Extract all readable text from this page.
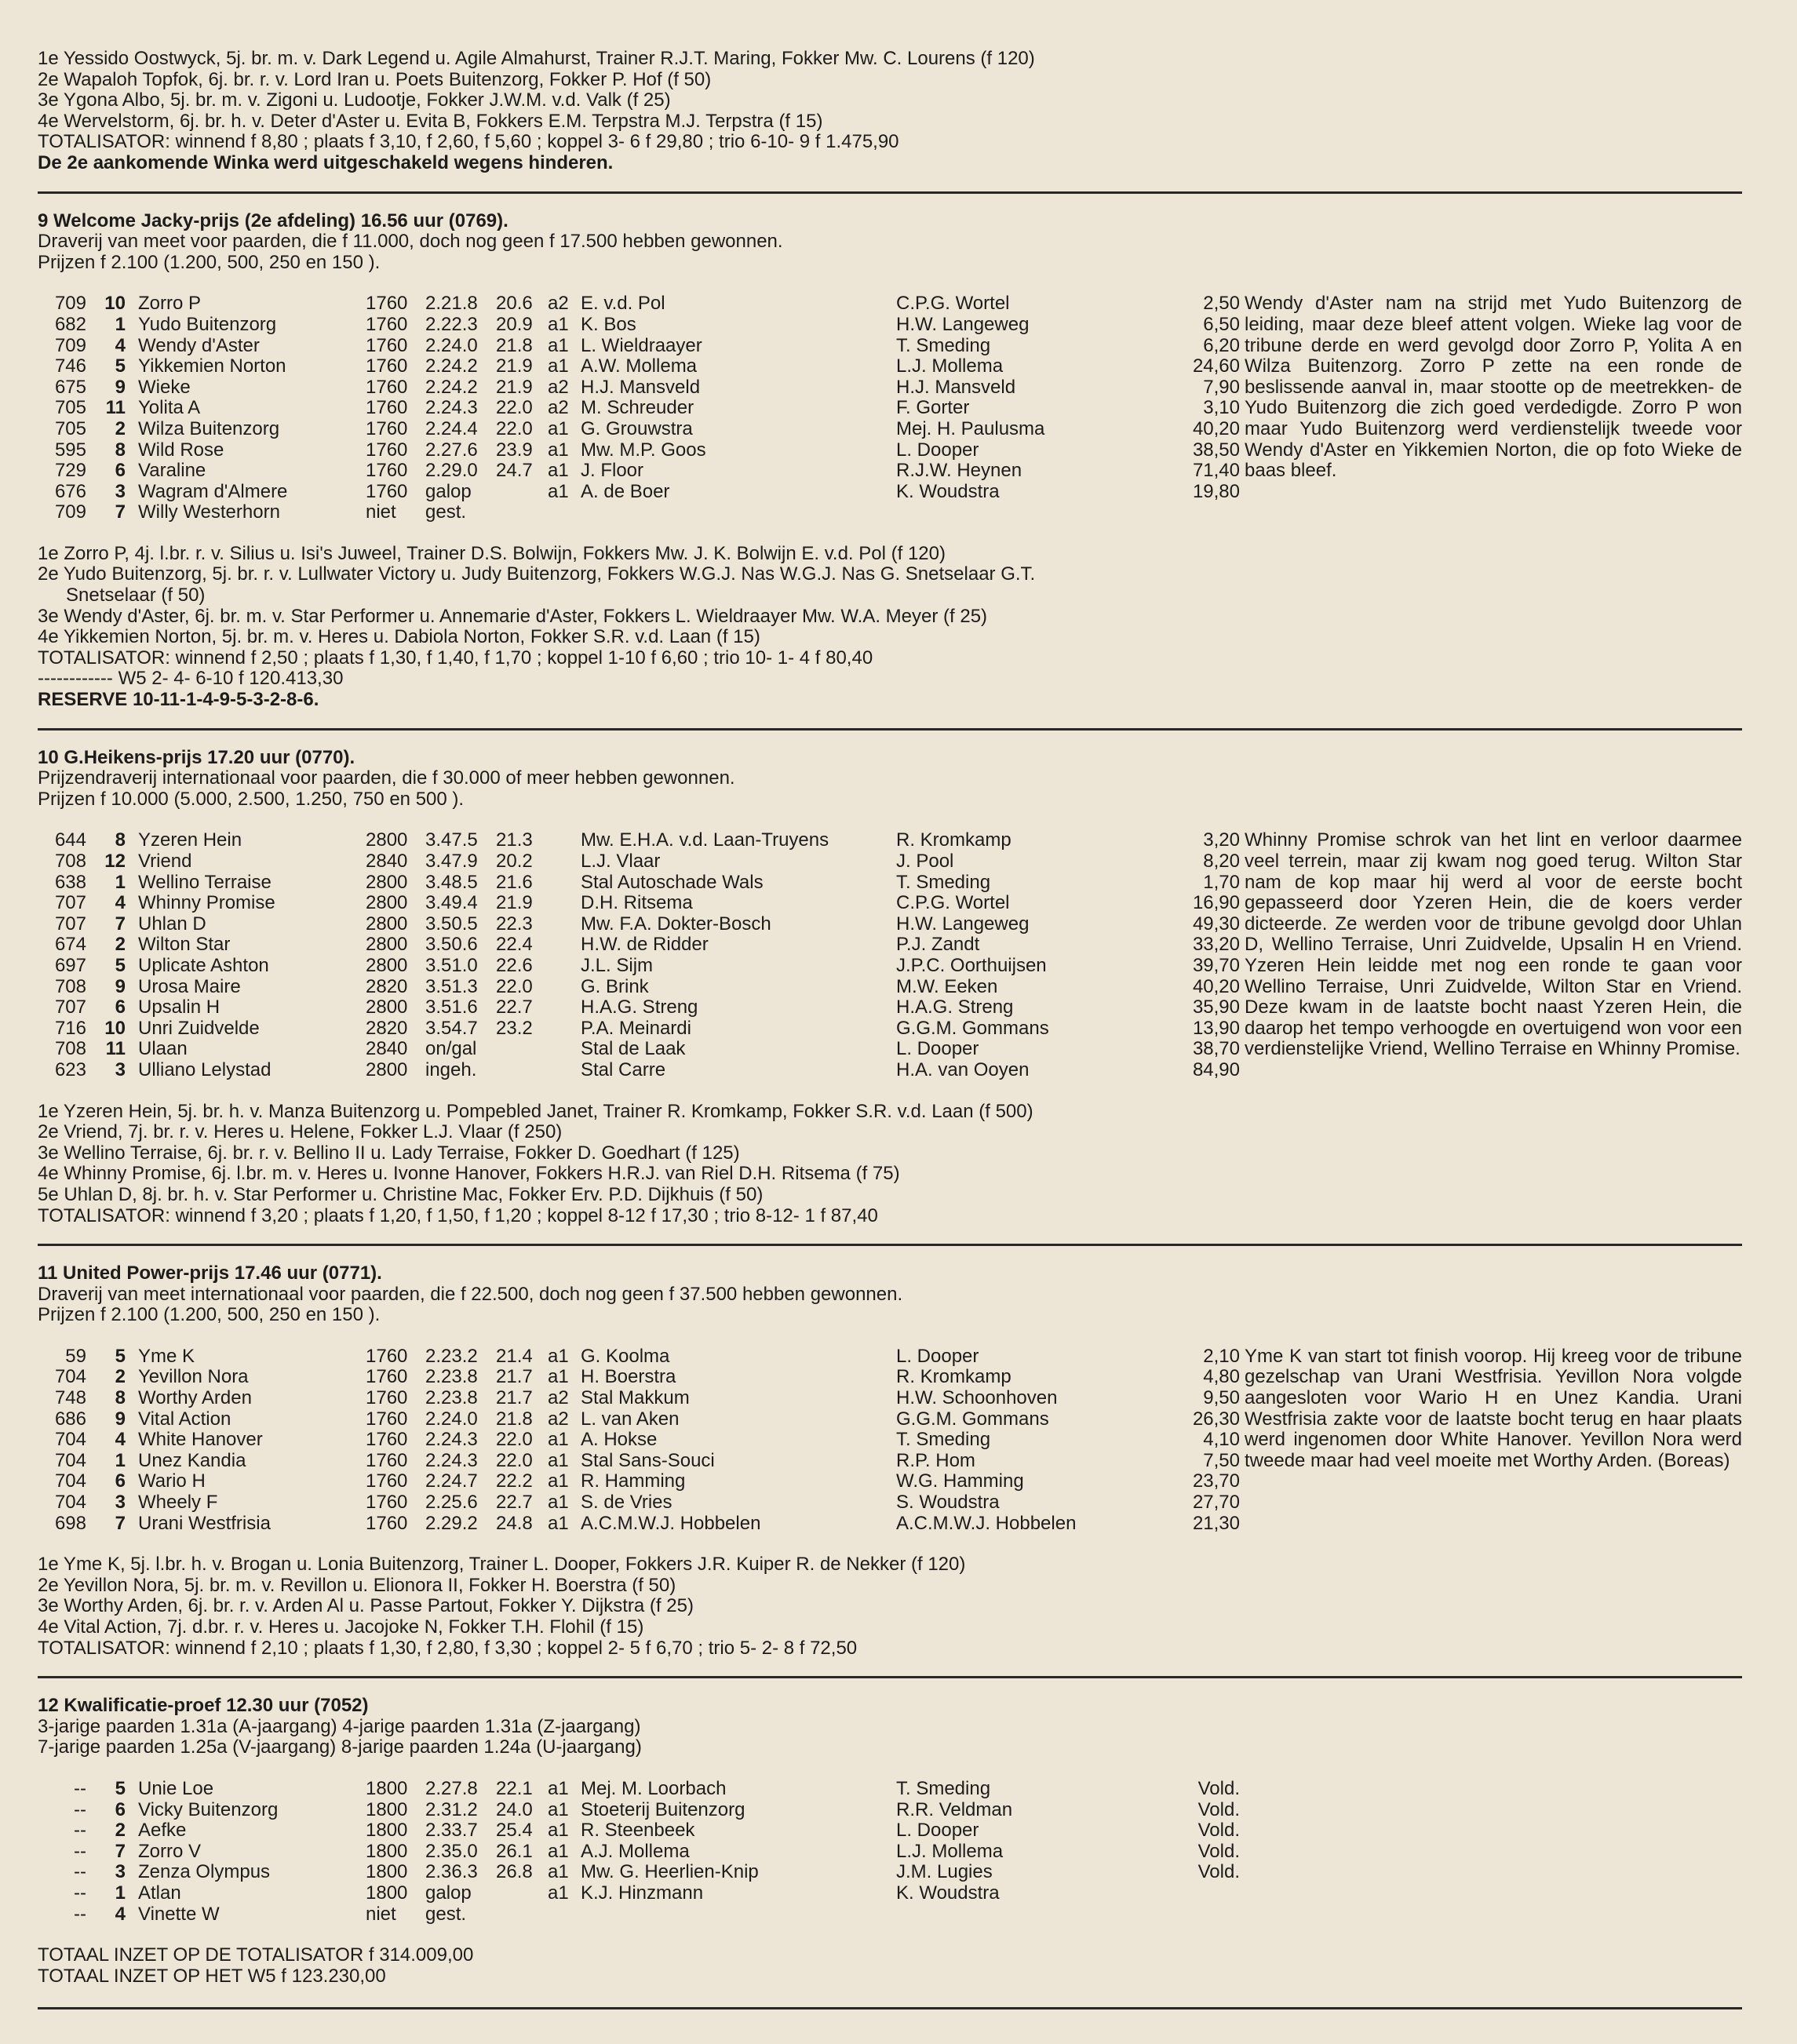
1e Yessido Oostwyck, 5j. br. m. v. Dark Legend u. Agile Almahurst, Trainer R.J.T. Maring, Fokker Mw. C. Lourens (f 120)
2e Wapaloh Topfok, 6j. br. r. v. Lord Iran u. Poets Buitenzorg, Fokker P. Hof (f 50)
3e Ygona Albo, 5j. br. m. v. Zigoni u. Ludootje, Fokker J.W.M. v.d. Valk (f 25)
4e Wervelstorm, 6j. br. h. v. Deter d'Aster u. Evita B, Fokkers E.M. Terpstra M.J. Terpstra (f 15)
TOTALISATOR: winnend f 8,80 ; plaats f 3,10, f 2,60, f 5,60 ; koppel 3- 6 f 29,80 ; trio 6-10- 9 f 1.475,90
De 2e aankomende Winka werd uitgeschakeld wegens hinderen.
9 Welcome Jacky-prijs (2e afdeling) 16.56 uur (0769).
Draverij van meet voor paarden, die f 11.000, doch nog geen f 17.500 hebben gewonnen.
Prijzen f 2.100 (1.200, 500, 250 en 150 ).
709 10 Zorro P	1760 2.21.8 20.6 a2 E. v.d. Pol	C.P.G. Wortel	2,50
682	1 Yudo Buitenzorg	1760 2.22.3 20.9 a1 K. Bos	H.W. Langeweg	6,50
709	4 Wendy d'Aster	1760 2.24.0 21.8 a1 L. Wieldraayer	T. Smeding	6,20
746	5 Yikkemien Norton	1760 2.24.2 21.9 a1 A.W. Mollema	L.J. Mollema	24,60
675	9 Wieke	1760 2.24.2 21.9 a2 H.J. Mansveld	H.J. Mansveld	7,90
705	11 Yolita A	1760 2.24.3 22.0 a2 M. Schreuder	F. Gorter	3,10
705	2 Wilza Buitenzorg	1760 2.24.4 22.0 a1 G. Grouwstra	Mej. H. Paulusma	40,20
595	8 Wild Rose	1760 2.27.6 23.9 a1 Mw. M.P. Goos	L. Dooper	38,50
729	6 Varaline	1760 2.29.0 24.7 a1 J. Floor	R.J.W. Heynen	71,40
676	3 Wagram d'Almere	1760 galop	a1 A. de Boer	K. Woudstra	19,80
709	7 Willy Westerhorn	niet gest.
Wendy d'Aster nam na strijd met Yudo Buitenzorg de leiding, maar deze bleef attent volgen. Wieke lag voor de tribune derde en werd gevolgd door Zorro P, Yolita A en Wilza Buitenzorg. Zorro P zette na een ronde de beslissende aanval in, maar stootte op de meetrekken- de Yudo Buitenzorg die zich goed verdedigde. Zorro P won maar Yudo Buitenzorg werd verdienstelijk tweede voor Wendy d'Aster en Yikkemien Norton, die op foto Wieke de baas bleef.
1e Zorro P, 4j. l.br. r. v. Silius u. Isi's Juweel, Trainer D.S. Bolwijn, Fokkers Mw. J. K. Bolwijn E. v.d. Pol (f 120)
2e Yudo Buitenzorg, 5j. br. r. v. Lullwater Victory u. Judy Buitenzorg, Fokkers W.G.J. Nas W.G.J. Nas G. Snetselaar G.T.
Snetselaar (f 50)
3e Wendy d'Aster, 6j. br. m. v. Star Performer u. Annemarie d'Aster, Fokkers L. Wieldraayer Mw. W.A. Meyer (f 25)
4e Yikkemien Norton, 5j. br. m. v. Heres u. Dabiola Norton, Fokker S.R. v.d. Laan (f 15)
TOTALISATOR: winnend f 2,50 ; plaats f 1,30, f 1,40, f 1,70 ; koppel 1-10 f 6,60 ; trio 10- 1- 4 f 80,40
------------ W5 2- 4- 6-10 f 120.413,30
RESERVE 10-11-1-4-9-5-3-2-8-6.
10 G.Heikens-prijs 17.20 uur (0770).
Prijzendraverij internationaal voor paarden, die f 30.000 of meer hebben gewonnen.
Prijzen f 10.000 (5.000, 2.500, 1.250, 750 en 500 ).
644	8 Yzeren Hein	2800 3.47.5 21.3	Mw. E.H.A. v.d. Laan-Truyens	R. Kromkamp	3,20
708 12 Vriend	2840 3.47.9 20.2	L.J. Vlaar	J. Pool	8,20
638	1 Wellino Terraise	2800 3.48.5 21.6	Stal Autoschade Wals	T. Smeding	1,70
707	4 Whinny Promise	2800 3.49.4 21.9	D.H. Ritsema	C.P.G. Wortel	16,90
707	7 Uhlan D	2800 3.50.5 22.3	Mw. F.A. Dokter-Bosch	H.W. Langeweg	49,30
674	2 Wilton Star	2800 3.50.6 22.4	H.W. de Ridder	P.J. Zandt	33,20
697	5 Uplicate Ashton	2800 3.51.0 22.6	J.L. Sijm	J.P.C. Oorthuijsen	39,70
708	9 Urosa Maire	2820 3.51.3 22.0	G. Brink	M.W. Eeken	40,20
707	6 Upsalin H	2800 3.51.6 22.7	H.A.G. Streng	H.A.G. Streng	35,90
716 10 Unri Zuidvelde	2820 3.54.7 23.2	P.A. Meinardi	G.G.M. Gommans	13,90
708	11 Ulaan	2840 on/gal	Stal de Laak	L. Dooper	38,70
623	3 Ulliano Lelystad	2800 ingeh.	Stal Carre	H.A. van Ooyen	84,90
Whinny Promise schrok van het lint en verloor daarmee veel terrein, maar zij kwam nog goed terug. Wilton Star nam de kop maar hij werd al voor de eerste bocht gepasseerd door Yzeren Hein, die de koers verder dicteerde. Ze werden voor de tribune gevolgd door Uhlan D, Wellino Terraise, Unri Zuidvelde, Upsalin H en Vriend. Yzeren Hein leidde met nog een ronde te gaan voor Wellino Terraise, Unri Zuidvelde, Wilton Star en Vriend. Deze kwam in de laatste bocht naast Yzeren Hein, die daarop het tempo verhoogde en overtuigend won voor een verdienstelijke Vriend, Wellino Terraise en Whinny Promise.
1e Yzeren Hein, 5j. br. h. v. Manza Buitenzorg u. Pompebled Janet, Trainer R. Kromkamp, Fokker S.R. v.d. Laan (f 500)
2e Vriend, 7j. br. r. v. Heres u. Helene, Fokker L.J. Vlaar (f 250)
3e Wellino Terraise, 6j. br. r. v. Bellino II u. Lady Terraise, Fokker D. Goedhart (f 125)
4e Whinny Promise, 6j. l.br. m. v. Heres u. Ivonne Hanover, Fokkers H.R.J. van Riel D.H. Ritsema (f 75)
5e Uhlan D, 8j. br. h. v. Star Performer u. Christine Mac, Fokker Erv. P.D. Dijkhuis (f 50)
TOTALISATOR: winnend f 3,20 ; plaats f 1,20, f 1,50, f 1,20 ; koppel 8-12 f 17,30 ; trio 8-12- 1 f 87,40
11 United Power-prijs 17.46 uur (0771).
Draverij van meet internationaal voor paarden, die f 22.500, doch nog geen f 37.500 hebben gewonnen.
Prijzen f 2.100 (1.200, 500, 250 en 150 ).
59	5 Yme K	1760 2.23.2 21.4 a1 G. Koolma	L. Dooper	2,10
704	2 Yevillon Nora	1760 2.23.8 21.7 a1 H. Boerstra	R. Kromkamp	4,80
748	8 Worthy Arden	1760 2.23.8 21.7 a2 Stal Makkum	H.W. Schoonhoven	9,50
686	9 Vital Action	1760 2.24.0 21.8 a2 L. van Aken	G.G.M. Gommans	26,30
704	4 White Hanover	1760 2.24.3 22.0 a1 A. Hokse	T. Smeding	4,10
704	1 Unez Kandia	1760 2.24.3 22.0 a1 Stal Sans-Souci	R.P. Hom	7,50
704	6 Wario H	1760 2.24.7 22.2 a1 R. Hamming	W.G. Hamming	23,70
704	3 Wheely F	1760 2.25.6 22.7 a1 S. de Vries	S. Woudstra	27,70
698	7 Urani Westfrisia	1760 2.29.2 24.8 a1 A.C.M.W.J. Hobbelen	A.C.M.W.J. Hobbelen	21,30
Yme K van start tot finish voorop. Hij kreeg voor de tribune gezelschap van Urani Westfrisia. Yevillon Nora volgde aangesloten voor Wario H en Unez Kandia. Urani Westfrisia zakte voor de laatste bocht terug en haar plaats werd ingenomen door White Hanover. Yevillon Nora werd tweede maar had veel moeite met Worthy Arden. (Boreas)
1e Yme K, 5j. l.br. h. v. Brogan u. Lonia Buitenzorg, Trainer L. Dooper, Fokkers J.R. Kuiper R. de Nekker (f 120)
2e Yevillon Nora, 5j. br. m. v. Revillon u. Elionora II, Fokker H. Boerstra (f 50)
3e Worthy Arden, 6j. br. r. v. Arden Al u. Passe Partout, Fokker Y. Dijkstra (f 25)
4e Vital Action, 7j. d.br. r. v. Heres u. Jacojoke N, Fokker T.H. Flohil (f 15)
TOTALISATOR: winnend f 2,10 ; plaats f 1,30, f 2,80, f 3,30 ; koppel 2- 5 f 6,70 ; trio 5- 2- 8 f 72,50
12 Kwalificatie-proef 12.30 uur (7052)
3-jarige paarden 1.31a (A-jaargang) 4-jarige paarden 1.31a (Z-jaargang)
7-jarige paarden 1.25a (V-jaargang) 8-jarige paarden 1.24a (U-jaargang)
--	5 Unie Loe	1800 2.27.8 22.1 a1 Mej. M. Loorbach	T. Smeding	Vold.
--	6 Vicky Buitenzorg	1800 2.31.2 24.0 a1 Stoeterij Buitenzorg	R.R. Veldman	Vold.
--	2 Aefke	1800 2.33.7 25.4 a1 R. Steenbeek	L. Dooper	Vold.
--	7 Zorro V	1800 2.35.0 26.1 a1 A.J. Mollema	L.J. Mollema	Vold.
--	3 Zenza Olympus	1800 2.36.3 26.8 a1 Mw. G. Heerlien-Knip	J.M. Lugies	Vold.
--	1 Atlan	1800 galop	a1 K.J. Hinzmann	K. Woudstra
--	4 Vinette W	niet gest.
TOTAAL INZET OP DE TOTALISATOR f 314.009,00
TOTAAL INZET OP HET W5 f 123.230,00
